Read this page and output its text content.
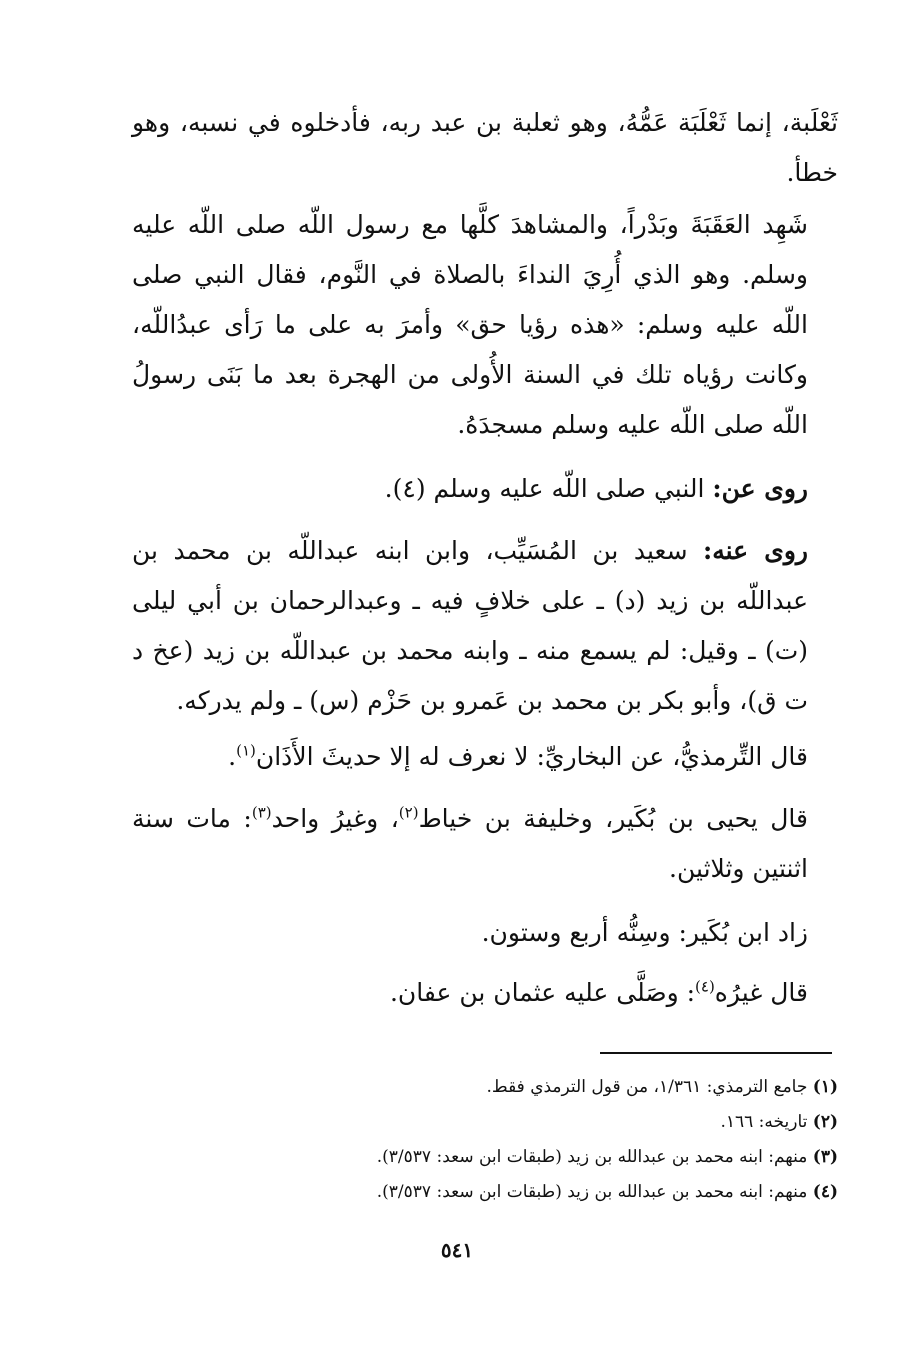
ثَعْلَبة، إنما ثَعْلَبَة عَمُّهُ، وهو ثعلبة بن عبد ربه، فأدخلوه في نسبه، وهو خطأ.

شَهِد العَقَبَةَ وبَدْراً، والمشاهدَ كلَّها مع رسول اللّه صلى اللّه عليه وسلم. وهو الذي أُرِيَ النداءَ بالصلاة في النَّوم، فقال النبي صلى اللّه عليه وسلم: «هذه رؤيا حق» وأمرَ به على ما رَأى عبدُاللّه، وكانت رؤياه تلك في السنة الأُولى من الهجرة بعد ما بَنَى رسولُ اللّه صلى اللّه عليه وسلم مسجدَهُ.

روى عن: النبي صلى اللّه عليه وسلم (٤).

روى عنه: سعيد بن المُسَيِّب، وابن ابنه عبداللّه بن محمد بن عبداللّه بن زيد (د) ـ على خلافٍ فيه ـ وعبدالرحمان بن أبي ليلى (ت) ـ وقيل: لم يسمع منه ـ وابنه محمد بن عبداللّه بن زيد (عخ د ت ق)، وأبو بكر بن محمد بن عَمرو بن حَزْم (س) ـ ولم يدركه.

قال التِّرمذيُّ، عن البخاريِّ: لا نعرف له إلا حديثَ الأَذَان$^{(١)}$.

قال يحيى بن بُكَير، وخليفة بن خياط$^{(٢)}$، وغيرُ واحد$^{(٣)}$: مات سنة اثنتين وثلاثين.

زاد ابن بُكَير: وسِنُّه أربع وستون.

قال غيرُه$^{(٤)}$: وصَلَّى عليه عثمان بن عفان.

(١) جامع الترمذي: ١/٣٦١، من قول الترمذي فقط.

(٢) تاريخه: ١٦٦.

(٣) منهم: ابنه محمد بن عبدالله بن زيد (طبقات ابن سعد: ٣/٥٣٧).

(٤) منهم: ابنه محمد بن عبدالله بن زيد (طبقات ابن سعد: ٣/٥٣٧).

٥٤١
